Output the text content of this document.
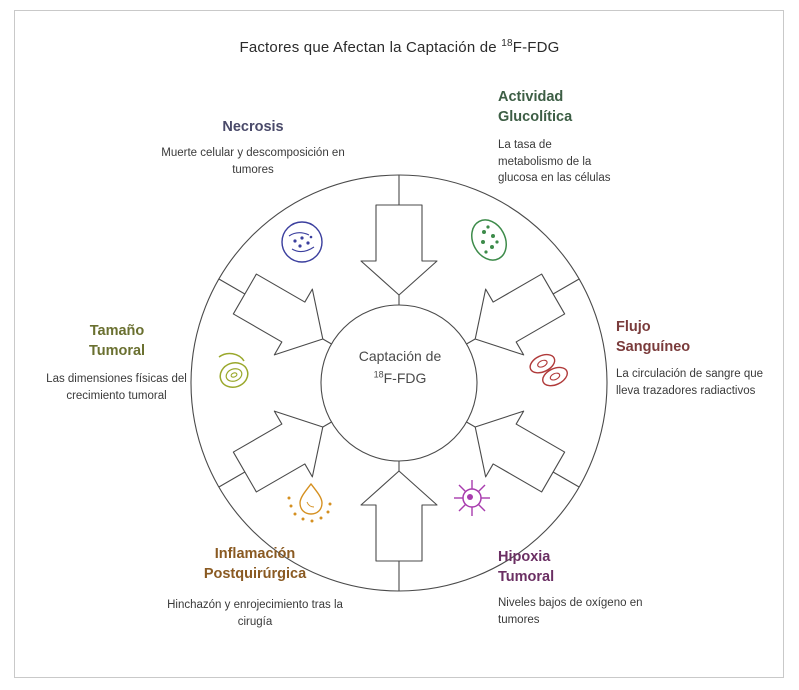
Factores que Afectan la Captación de $^{18}$F-FDG
Captación de
$^{18}$F-FDG
Necrosis
Muerte celular y descomposición en tumores
Actividad
Glucolítica
La tasa de metabolismo de la glucosa en las células
Flujo
Sanguíneo
La circulación de sangre que lleva trazadores radiactivos
Hipoxia
Tumoral
Niveles bajos de oxígeno en tumores
Inflamación
Postquirúrgica
Hinchazón y enrojecimiento tras la cirugía
Tamaño
Tumoral
Las dimensiones físicas del crecimiento tumoral
